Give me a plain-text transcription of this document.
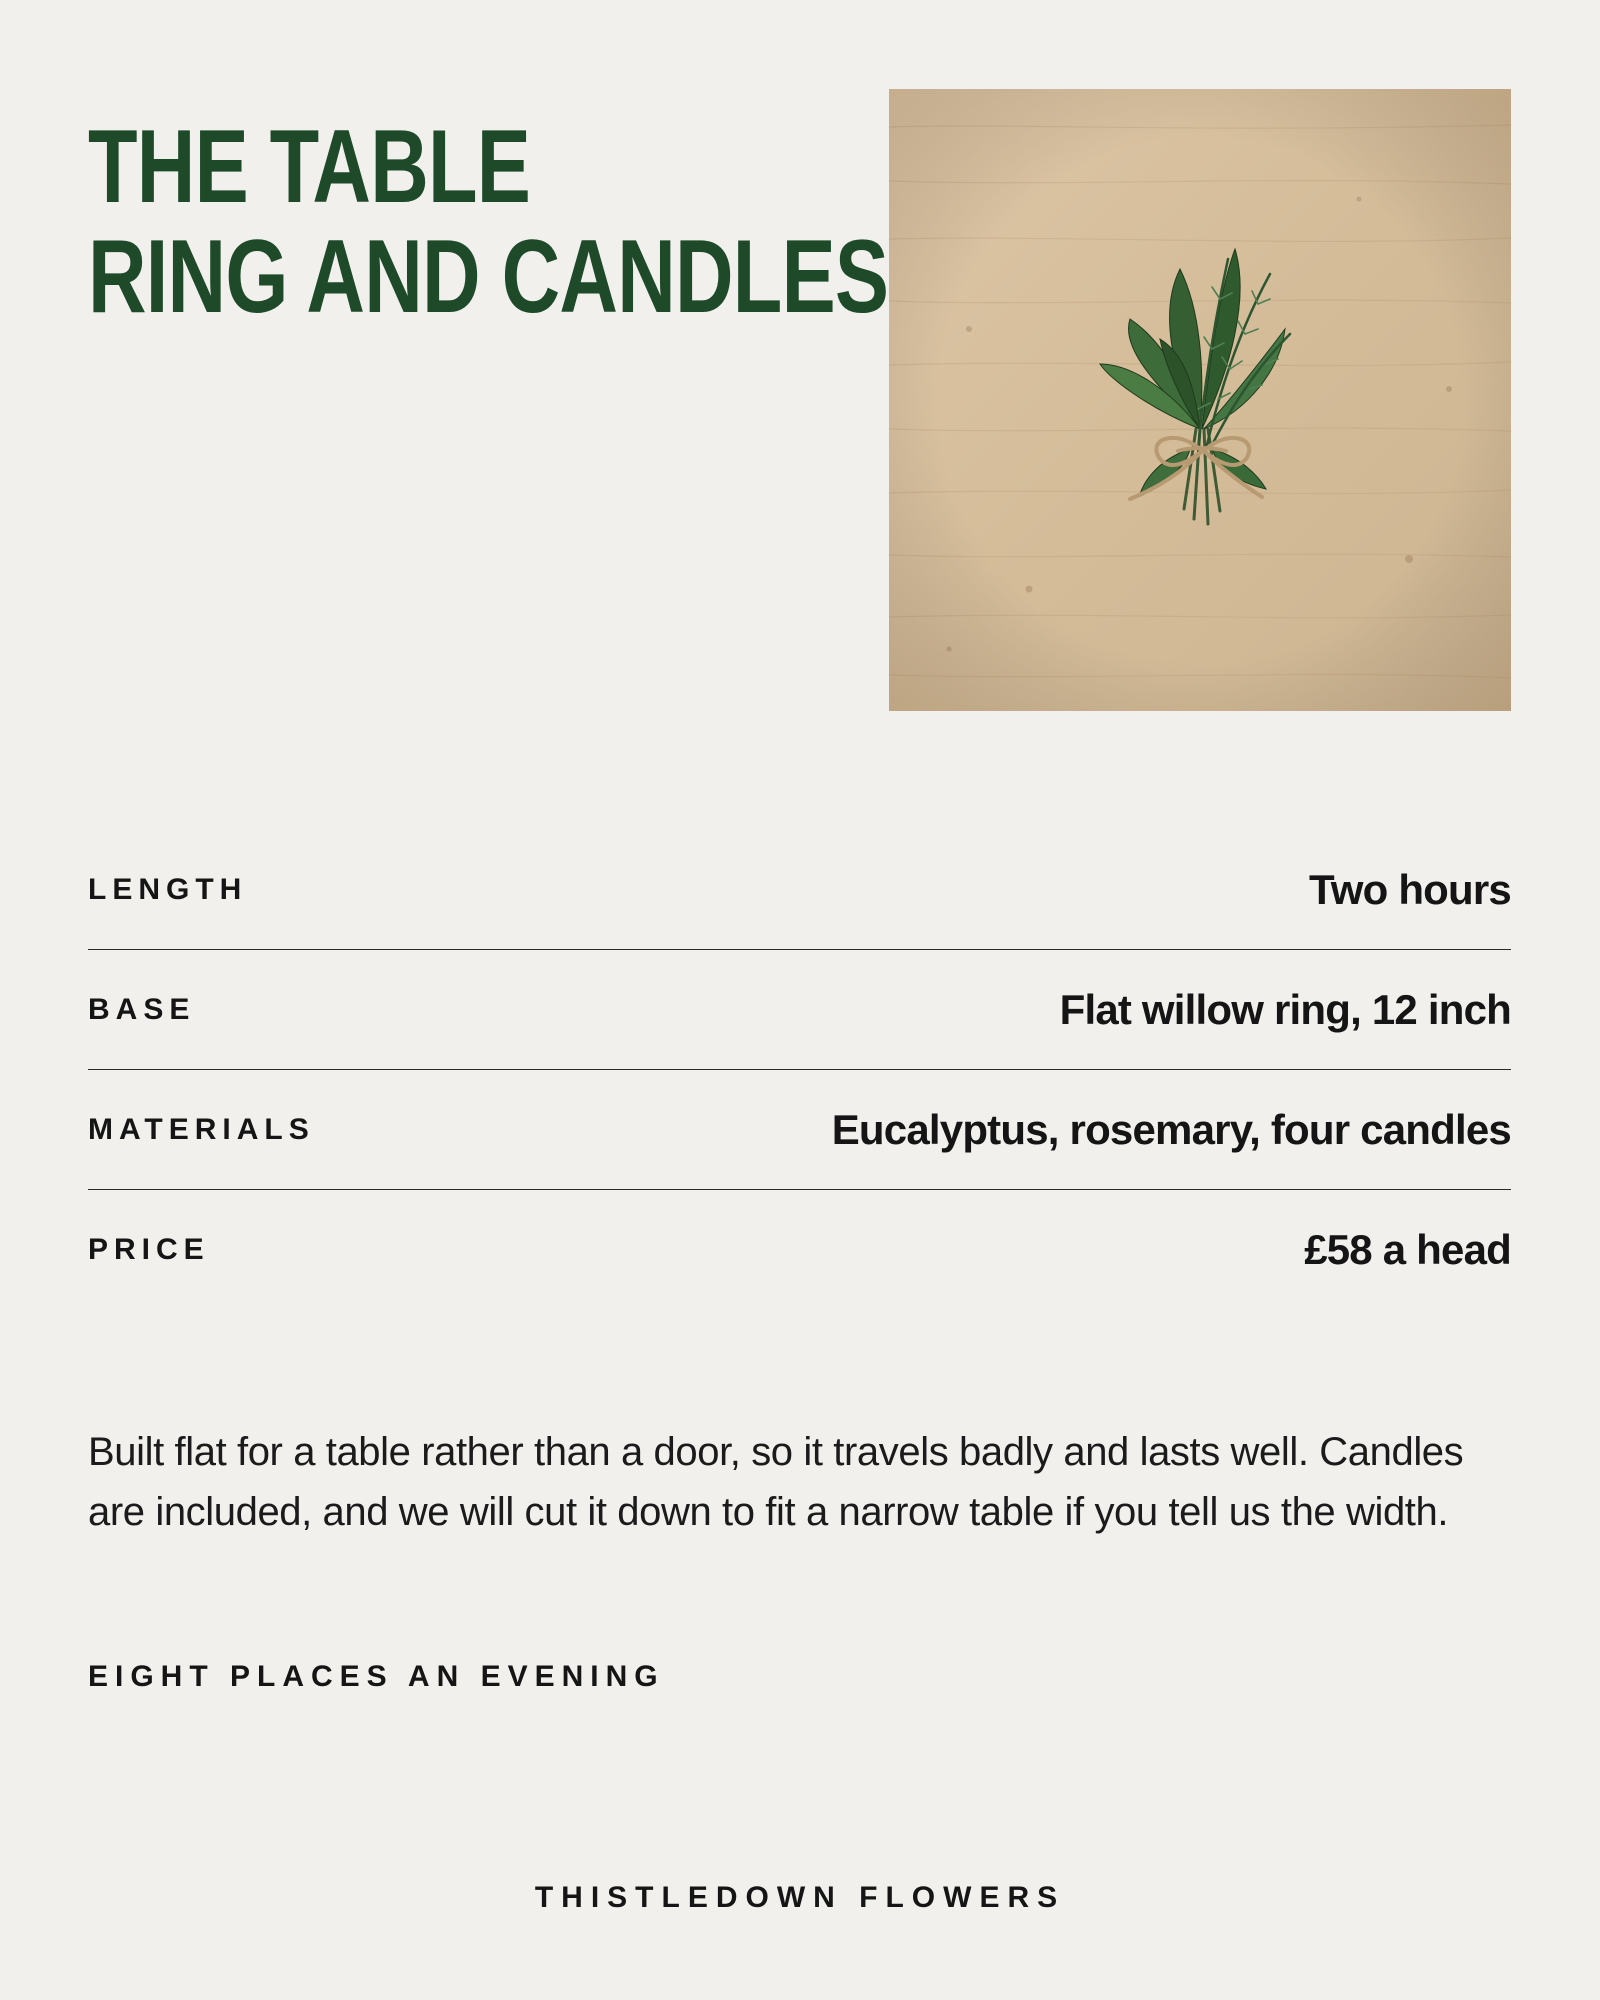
THE TABLE
RING AND CANDLES
LENGTH	Two hours
BASE	Flat willow ring, 12 inch
MATERIALS	Eucalyptus, rosemary, four candles
PRICE	£58 a head

Built flat for a table rather than a door, so it travels badly and lasts well. Candles are included, and we will cut it down to fit a narrow table if you tell us the width.

EIGHT PLACES AN EVENING

THISTLEDOWN FLOWERS
